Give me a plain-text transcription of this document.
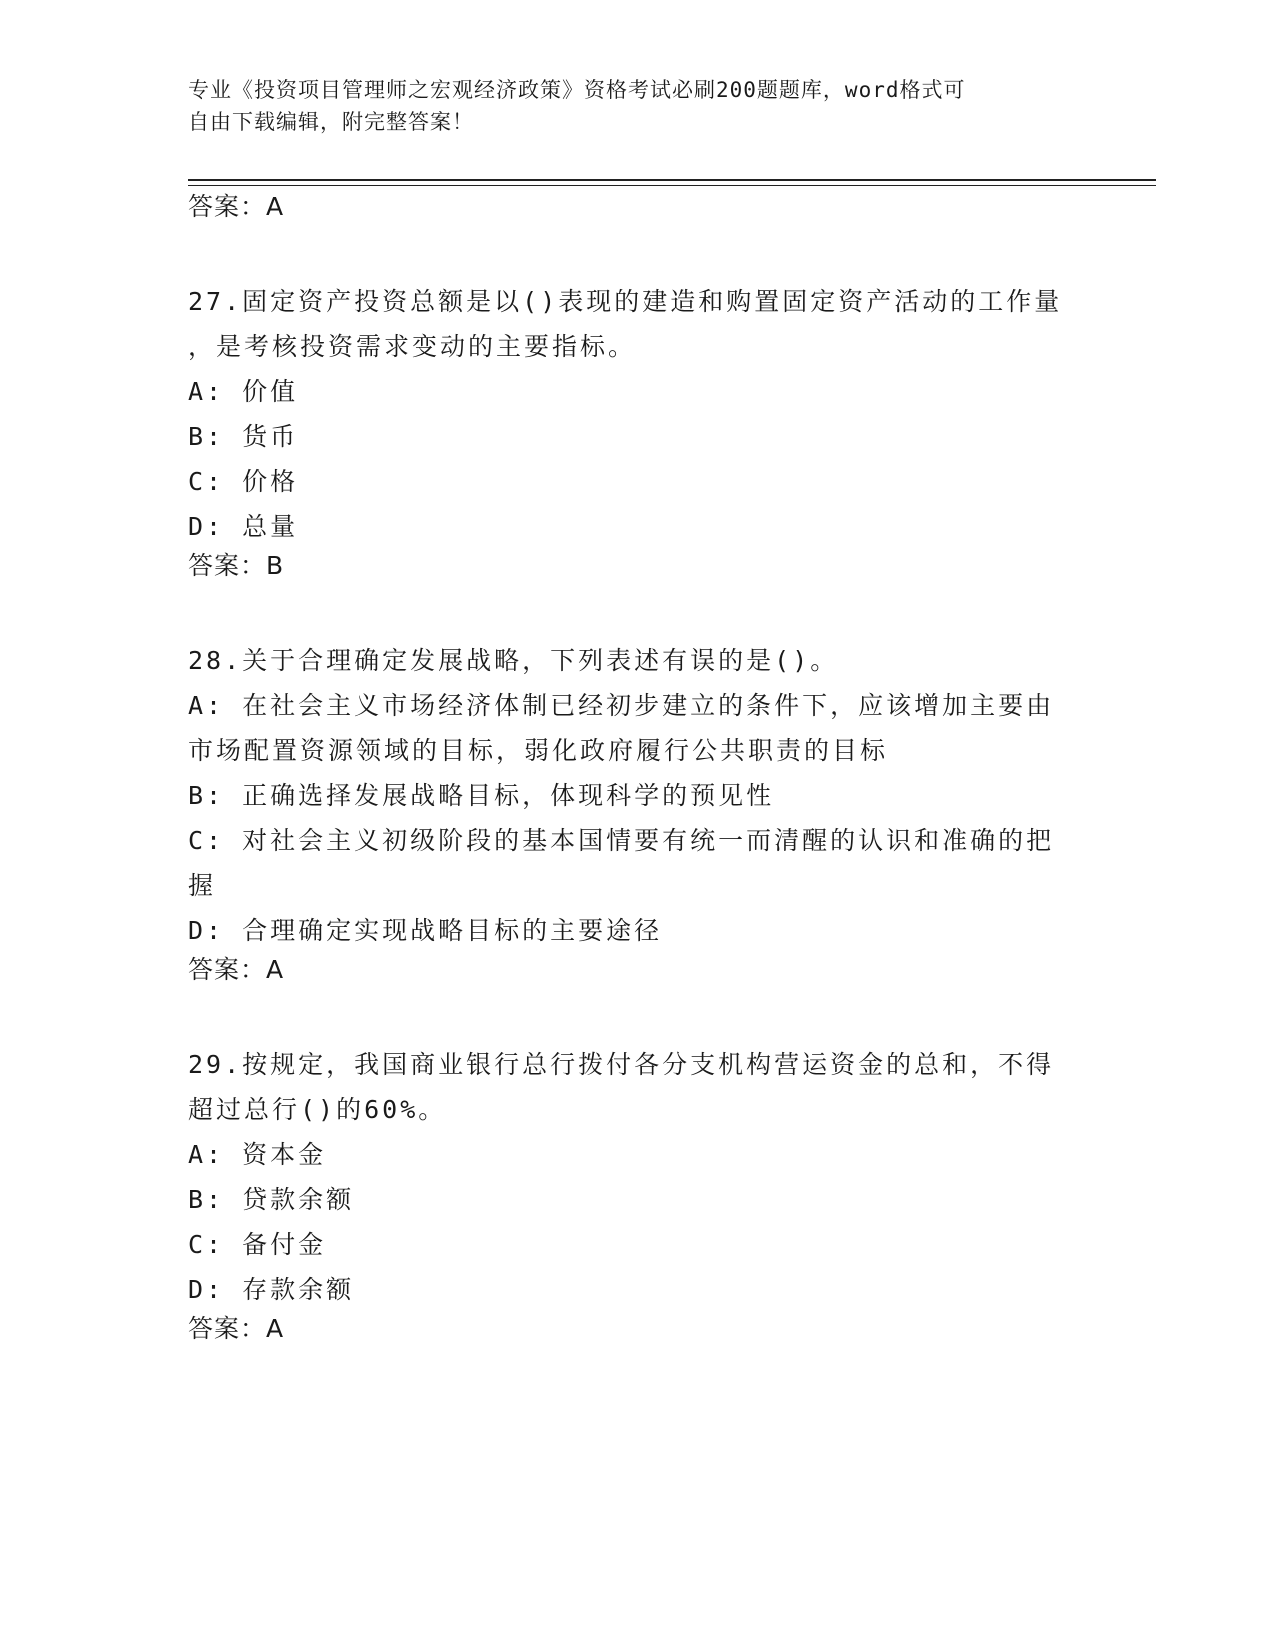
专业《投资项目管理师之宏观经济政策》资格考试必刷200题题库，word格式可
自由下载编辑，附完整答案！
答案：A
27.固定资产投资总额是以()表现的建造和购置固定资产活动的工作量
，是考核投资需求变动的主要指标。
A: 价值
B: 货币
C: 价格
D: 总量
答案：B
28.关于合理确定发展战略，下列表述有误的是()。
A: 在社会主义市场经济体制已经初步建立的条件下，应该增加主要由
市场配置资源领域的目标，弱化政府履行公共职责的目标
B: 正确选择发展战略目标，体现科学的预见性
C: 对社会主义初级阶段的基本国情要有统一而清醒的认识和准确的把
握
D: 合理确定实现战略目标的主要途径
答案：A
29.按规定，我国商业银行总行拨付各分支机构营运资金的总和，不得
超过总行()的60%。
A: 资本金
B: 贷款余额
C: 备付金
D: 存款余额
答案：A
